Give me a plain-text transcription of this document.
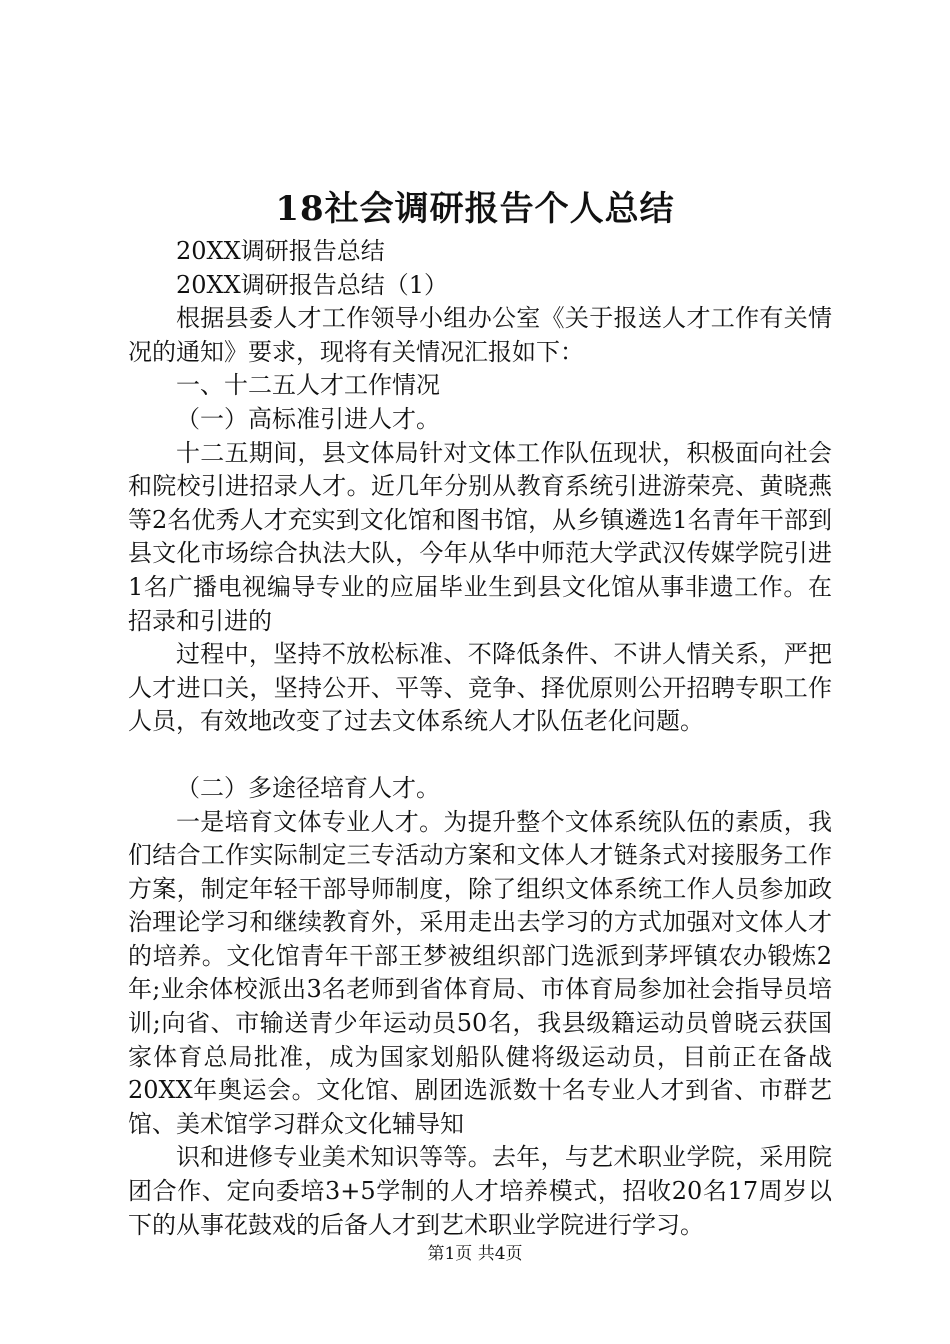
18社会调研报告个人总结

20XX调研报告总结

20XX调研报告总结（1）

根据县委人才工作领导小组办公室《关于报送人才工作有关情况的通知》要求，现将有关情况汇报如下：

一、十二五人才工作情况

（一）高标准引进人才。

十二五期间，县文体局针对文体工作队伍现状，积极面向社会和院校引进招录人才。近几年分别从教育系统引进游荣亮、黄晓燕等2名优秀人才充实到文化馆和图书馆，从乡镇遴选1名青年干部到县文化市场综合执法大队，今年从华中师范大学武汉传媒学院引进1名广播电视编导专业的应届毕业生到县文化馆从事非遗工作。在招录和引进的

过程中，坚持不放松标准、不降低条件、不讲人情关系，严把人才进口关，坚持公开、平等、竞争、择优原则公开招聘专职工作人员，有效地改变了过去文体系统人才队伍老化问题。

（二）多途径培育人才。

一是培育文体专业人才。为提升整个文体系统队伍的素质，我们结合工作实际制定三专活动方案和文体人才链条式对接服务工作方案，制定年轻干部导师制度，除了组织文体系统工作人员参加政治理论学习和继续教育外，采用走出去学习的方式加强对文体人才的培养。文化馆青年干部王梦被组织部门选派到茅坪镇农办锻炼2年;业余体校派出3名老师到省体育局、市体育局参加社会指导员培训;向省、市输送青少年运动员50名，我县级籍运动员曾晓云获国家体育总局批准，成为国家划船队健将级运动员，目前正在备战20XX年奥运会。文化馆、剧团选派数十名专业人才到省、市群艺馆、美术馆学习群众文化辅导知

识和进修专业美术知识等等。去年，与艺术职业学院，采用院团合作、定向委培3+5学制的人才培养模式，招收20名17周岁以下的从事花鼓戏的后备人才到艺术职业学院进行学习。

第1页 共4页
